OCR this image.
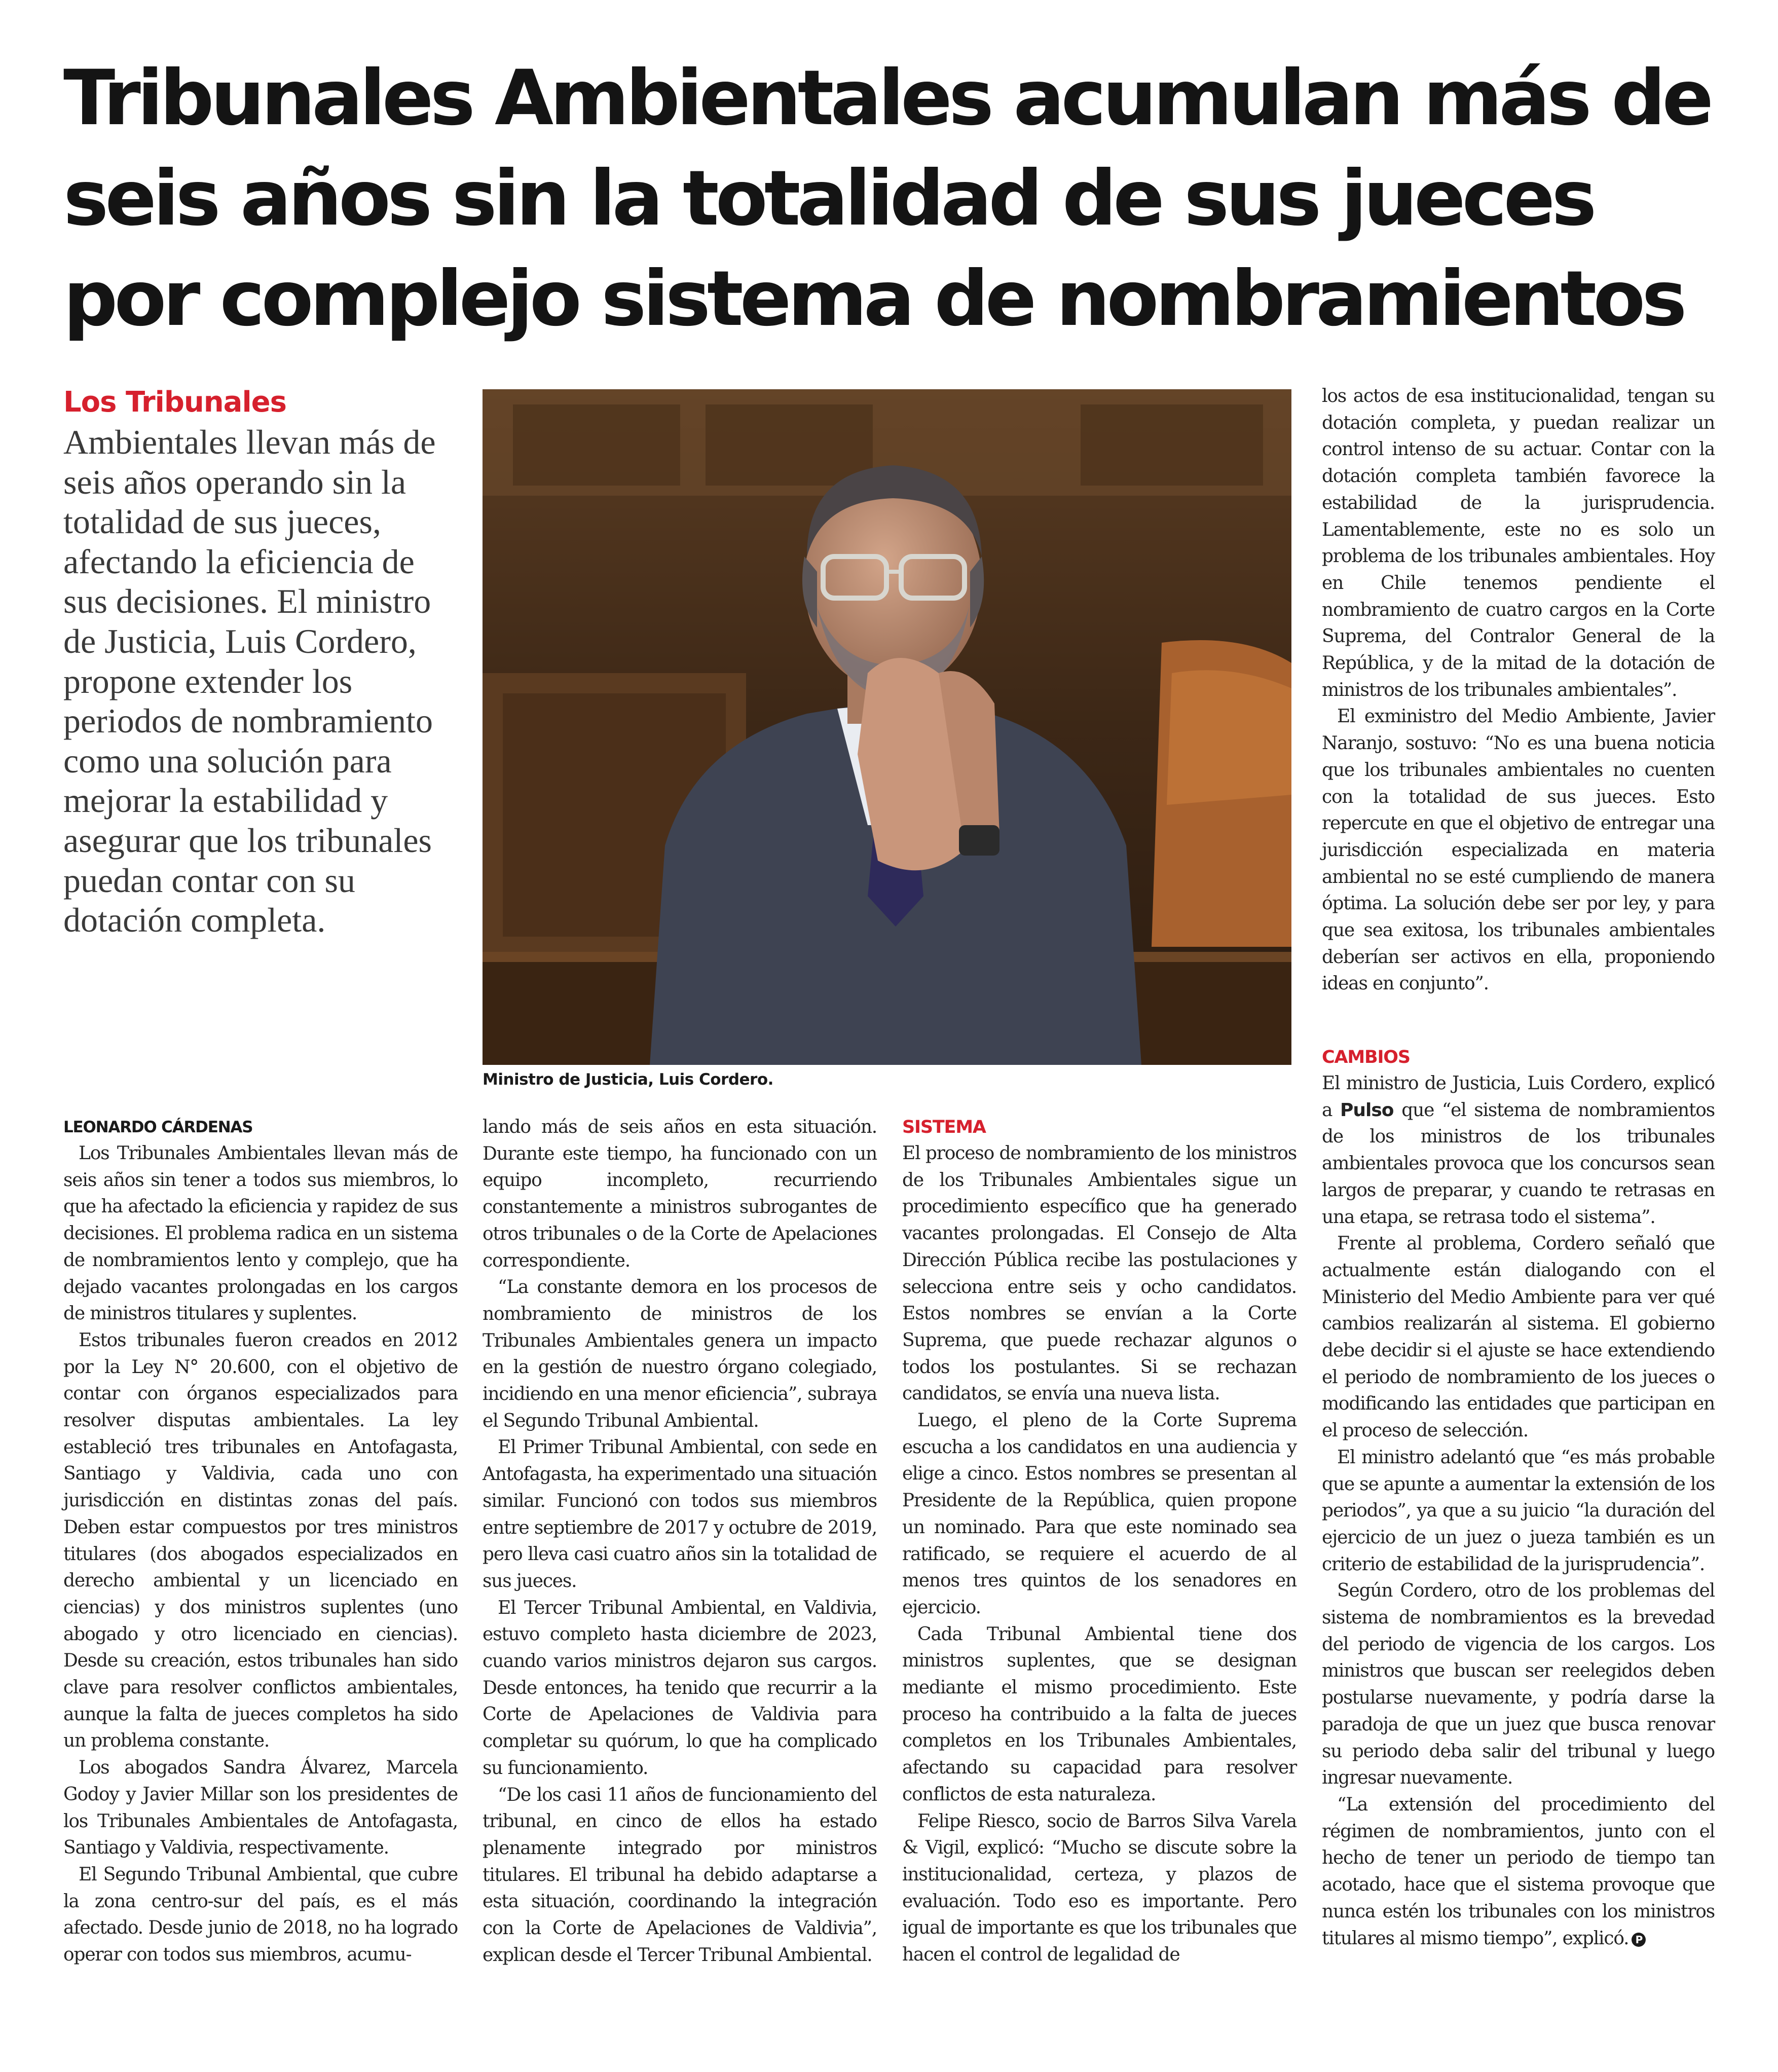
Tribunales Ambientales acumulan más de seis años sin la totalidad de sus jueces por complejo sistema de nombramientos
Los Tribunales
Ambientales llevan más de seis años operando sin la totalidad de sus jueces, afectando la eficiencia de sus decisiones. El ministro de Justicia, Luis Cordero, propone extender los periodos de nombramiento como una solución para mejorar la estabilidad y asegurar que los tribunales puedan contar con su dotación completa.
Ministro de Justicia, Luis Cordero.

los actos de esa institucionalidad, tengan su dotación completa, y puedan realizar un control intenso de su actuar. Contar con la dotación completa también favorece la estabilidad de la jurisprudencia. Lamentablemente, este no es solo un problema de los tribunales ambientales. Hoy en Chile tenemos pendiente el nombramiento de cuatro cargos en la Corte Suprema, del Contralor General de la República, y de la mitad de la dotación de ministros de los tribunales ambientales”.

El exministro del Medio Ambiente, Javier Naranjo, sostuvo: “No es una buena noticia que los tribunales ambientales no cuenten con la totalidad de sus jueces. Esto repercute en que el objetivo de entregar una jurisdicción especializada en materia ambiental no se esté cumpliendo de manera óptima. La solución debe ser por ley, y para que sea exitosa, los tribunales ambientales deberían ser activos en ella, proponiendo ideas en conjunto”.

CAMBIOS

El ministro de Justicia, Luis Cordero, explicó a Pulso que “el sistema de nombramientos de los ministros de los tribunales ambientales provoca que los concursos sean largos de preparar, y cuando te retrasas en una etapa, se retrasa todo el sistema”.

Frente al problema, Cordero señaló que actualmente están dialogando con el Ministerio del Medio Ambiente para ver qué cambios realizarán al sistema. El gobierno debe decidir si el ajuste se hace extendiendo el periodo de nombramiento de los jueces o modificando las entidades que participan en el proceso de selección.

El ministro adelantó que “es más probable que se apunte a aumentar la extensión de los periodos”, ya que a su juicio “la duración del ejercicio de un juez o jueza también es un criterio de estabilidad de la jurisprudencia”.

Según Cordero, otro de los problemas del sistema de nombramientos es la brevedad del periodo de vigencia de los cargos. Los ministros que buscan ser reelegidos deben postularse nuevamente, y podría darse la paradoja de que un juez que busca renovar su periodo deba salir del tribunal y luego ingresar nuevamente.

“La extensión del procedimiento del régimen de nombramientos, junto con el hecho de tener un periodo de tiempo tan acotado, hace que el sistema provoque que nunca estén los tribunales con los ministros titulares al mismo tiempo”, explicó. P

LEONARDO CÁRDENAS

Los Tribunales Ambientales llevan más de seis años sin tener a todos sus miembros, lo que ha afectado la eficiencia y rapidez de sus decisiones. El problema radica en un sistema de nombramientos lento y complejo, que ha dejado vacantes prolongadas en los cargos de ministros titulares y suplentes.

Estos tribunales fueron creados en 2012 por la Ley N° 20.600, con el objetivo de contar con órganos especializados para resolver disputas ambientales. La ley estableció tres tribunales en Antofagasta, Santiago y Valdivia, cada uno con jurisdicción en distintas zonas del país. Deben estar compuestos por tres ministros titulares (dos abogados especializados en derecho ambiental y un licenciado en ciencias) y dos ministros suplentes (uno abogado y otro licenciado en ciencias). Desde su creación, estos tribunales han sido clave para resolver conflictos ambientales, aunque la falta de jueces completos ha sido un problema constante.

Los abogados Sandra Álvarez, Marcela Godoy y Javier Millar son los presidentes de los Tribunales Ambientales de Antofagasta, Santiago y Valdivia, respectivamente.

El Segundo Tribunal Ambiental, que cubre la zona centro-sur del país, es el más afectado. Desde junio de 2018, no ha logrado operar con todos sus miembros, acumu-

lando más de seis años en esta situación. Durante este tiempo, ha funcionado con un equipo incompleto, recurriendo constantemente a ministros subrogantes de otros tribunales o de la Corte de Apelaciones correspondiente.

“La constante demora en los procesos de nombramiento de ministros de los Tribunales Ambientales genera un impacto en la gestión de nuestro órgano colegiado, incidiendo en una menor eficiencia”, subraya el Segundo Tribunal Ambiental.

El Primer Tribunal Ambiental, con sede en Antofagasta, ha experimentado una situación similar. Funcionó con todos sus miembros entre septiembre de 2017 y octubre de 2019, pero lleva casi cuatro años sin la totalidad de sus jueces.

El Tercer Tribunal Ambiental, en Valdivia, estuvo completo hasta diciembre de 2023, cuando varios ministros dejaron sus cargos. Desde entonces, ha tenido que recurrir a la Corte de Apelaciones de Valdivia para completar su quórum, lo que ha complicado su funcionamiento.

“De los casi 11 años de funcionamiento del tribunal, en cinco de ellos ha estado plenamente integrado por ministros titulares. El tribunal ha debido adaptarse a esta situación, coordinando la integración con la Corte de Apelaciones de Valdivia”, explican desde el Tercer Tribunal Ambiental.

SISTEMA

El proceso de nombramiento de los ministros de los Tribunales Ambientales sigue un procedimiento específico que ha generado vacantes prolongadas. El Consejo de Alta Dirección Pública recibe las postulaciones y selecciona entre seis y ocho candidatos. Estos nombres se envían a la Corte Suprema, que puede rechazar algunos o todos los postulantes. Si se rechazan candidatos, se envía una nueva lista.

Luego, el pleno de la Corte Suprema escucha a los candidatos en una audiencia y elige a cinco. Estos nombres se presentan al Presidente de la República, quien propone un nominado. Para que este nominado sea ratificado, se requiere el acuerdo de al menos tres quintos de los senadores en ejercicio.

Cada Tribunal Ambiental tiene dos ministros suplentes, que se designan mediante el mismo procedimiento. Este proceso ha contribuido a la falta de jueces completos en los Tribunales Ambientales, afectando su capacidad para resolver conflictos de esta naturaleza.

Felipe Riesco, socio de Barros Silva Varela & Vigil, explicó: “Mucho se discute sobre la institucionalidad, certeza, y plazos de evaluación. Todo eso es importante. Pero igual de importante es que los tribunales que hacen el control de legalidad de
